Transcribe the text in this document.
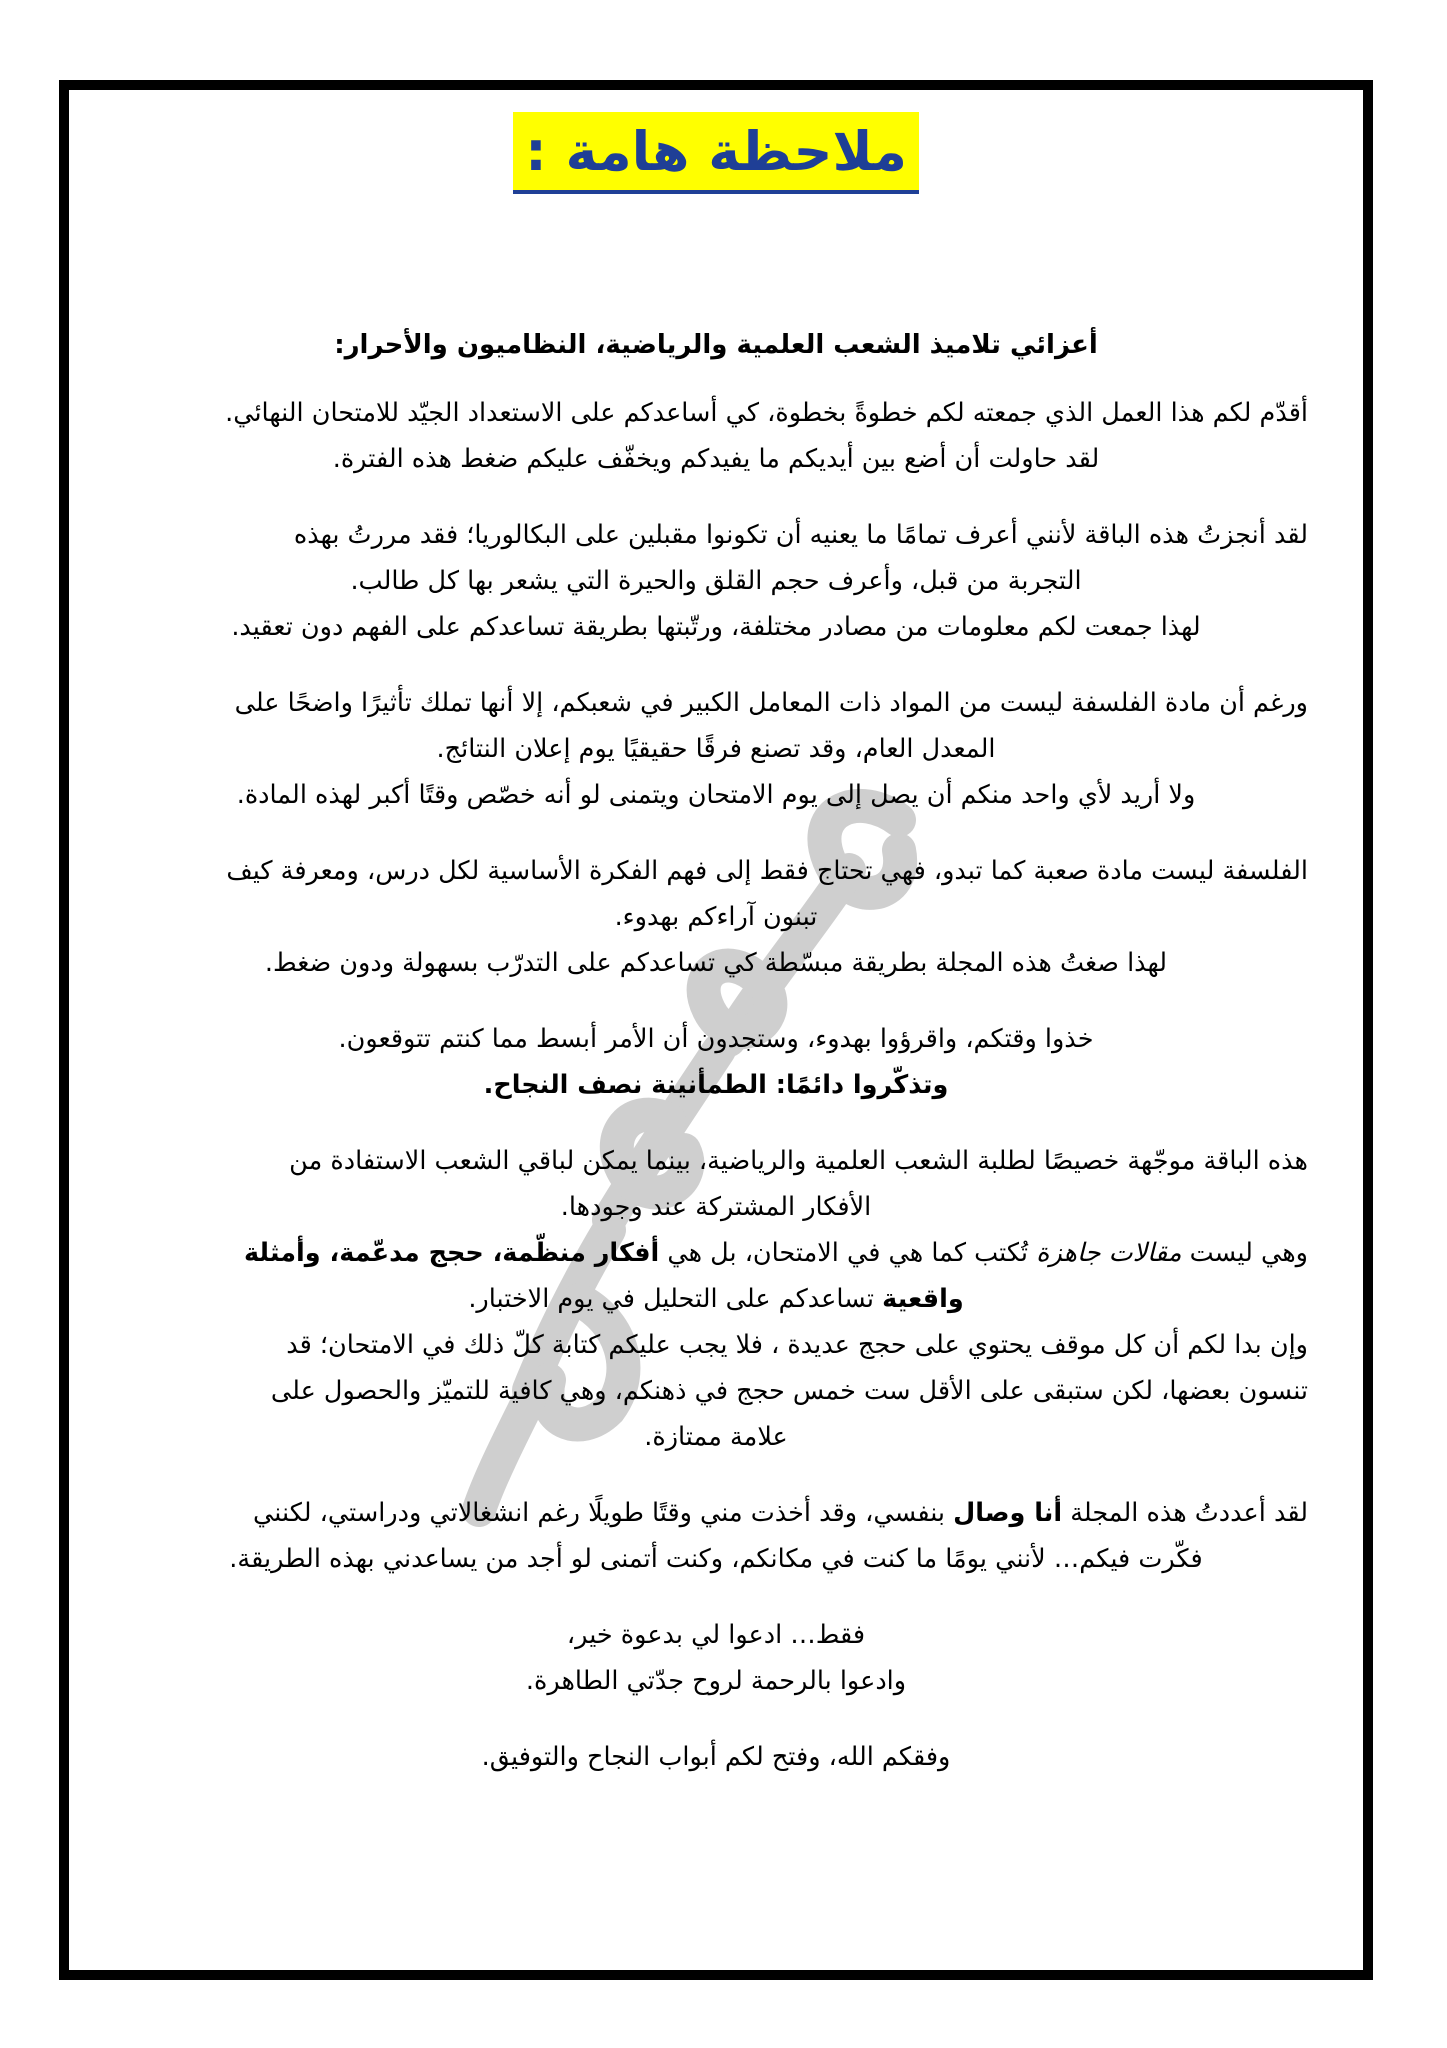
ملاحظة هامة :
أعزائي تلاميذ الشعب العلمية والرياضية، النظاميون والأحرار:
أقدّم لكم هذا العمل الذي جمعته لكم خطوةً بخطوة، كي أساعدكم على الاستعداد الجيّد للامتحان النهائي.
لقد حاولت أن أضع بين أيديكم ما يفيدكم ويخفّف عليكم ضغط هذه الفترة.
لقد أنجزتُ هذه الباقة لأنني أعرف تمامًا ما يعنيه أن تكونوا مقبلين على البكالوريا؛ فقد مررتُ بهذه
التجربة من قبل، وأعرف حجم القلق والحيرة التي يشعر بها كل طالب.
لهذا جمعت لكم معلومات من مصادر مختلفة، ورتّبتها بطريقة تساعدكم على الفهم دون تعقيد.
ورغم أن مادة الفلسفة ليست من المواد ذات المعامل الكبير في شعبكم، إلا أنها تملك تأثيرًا واضحًا على
المعدل العام، وقد تصنع فرقًا حقيقيًا يوم إعلان النتائج.
ولا أريد لأي واحد منكم أن يصل إلى يوم الامتحان ويتمنى لو أنه خصّص وقتًا أكبر لهذه المادة.
الفلسفة ليست مادة صعبة كما تبدو، فهي تحتاج فقط إلى فهم الفكرة الأساسية لكل درس، ومعرفة كيف
تبنون آراءكم بهدوء.
لهذا صغتُ هذه المجلة بطريقة مبسّطة كي تساعدكم على التدرّب بسهولة ودون ضغط.
خذوا وقتكم، واقرؤوا بهدوء، وستجدون أن الأمر أبسط مما كنتم تتوقعون.
وتذكّروا دائمًا: الطمأنينة نصف النجاح.
هذه الباقة موجّهة خصيصًا لطلبة الشعب العلمية والرياضية، بينما يمكن لباقي الشعب الاستفادة من
الأفكار المشتركة عند وجودها.
وهي ليست مقالات جاهزة تُكتب كما هي في الامتحان، بل هي أفكار منظّمة، حجج مدعّمة، وأمثلة
واقعية تساعدكم على التحليل في يوم الاختبار.
وإن بدا لكم أن كل موقف يحتوي على حجج عديدة ، فلا يجب عليكم كتابة كلّ ذلك في الامتحان؛ قد
تنسون بعضها، لكن ستبقى على الأقل ست خمس حجج في ذهنكم، وهي كافية للتميّز والحصول على
علامة ممتازة.
لقد أعددتُ هذه المجلة أنا وصال بنفسي، وقد أخذت مني وقتًا طويلًا رغم انشغالاتي ودراستي، لكنني
فكّرت فيكم… لأنني يومًا ما كنت في مكانكم، وكنت أتمنى لو أجد من يساعدني بهذه الطريقة.
فقط… ادعوا لي بدعوة خير،
وادعوا بالرحمة لروح جدّتي الطاهرة.
وفقكم الله، وفتح لكم أبواب النجاح والتوفيق.
